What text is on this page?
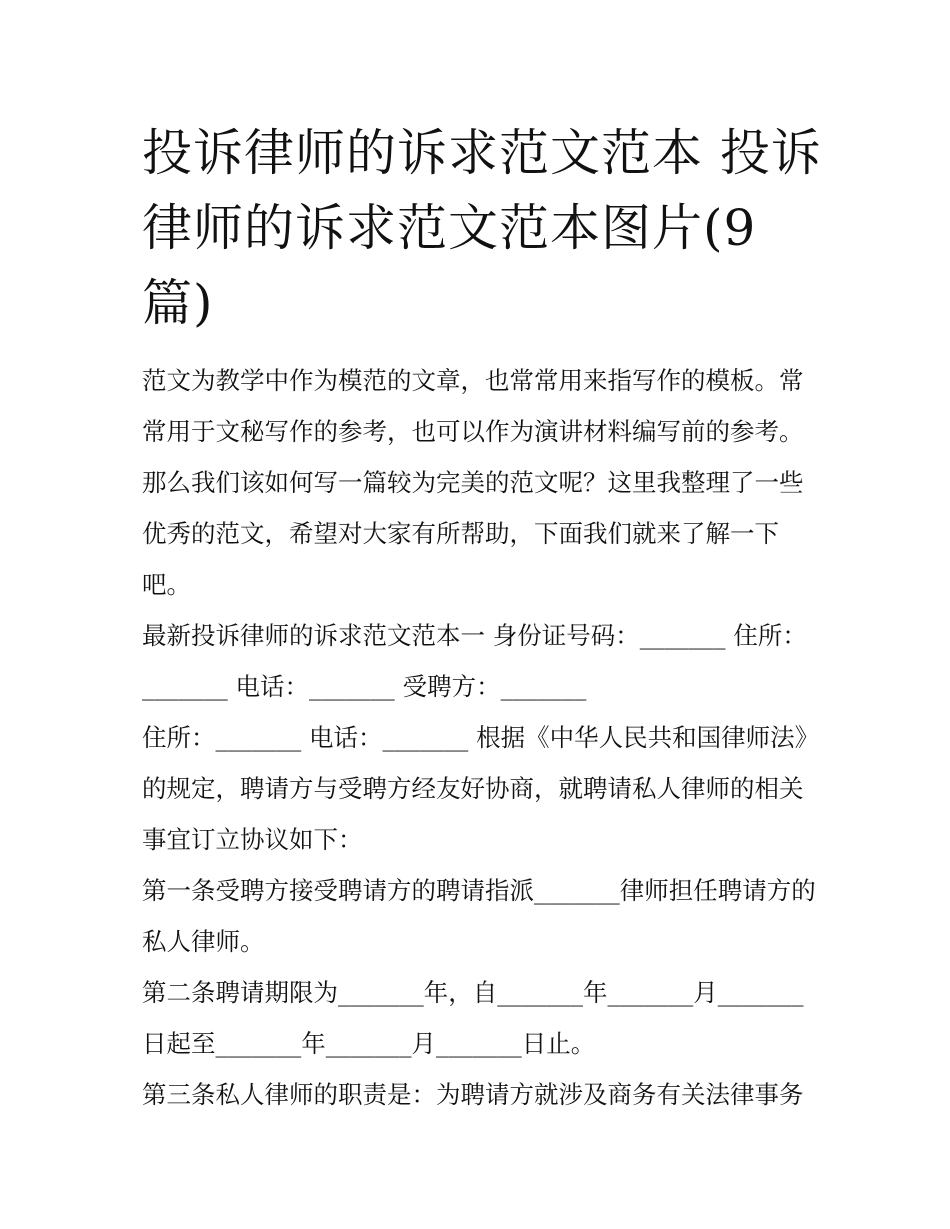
投诉律师的诉求范文范本 投诉律师的诉求范文范本图片(9篇)

范文为教学中作为模范的文章，也常常用来指写作的模板。常常用于文秘写作的参考，也可以作为演讲材料编写前的参考。那么我们该如何写一篇较为完美的范文呢？这里我整理了一些优秀的范文，希望对大家有所帮助，下面我们就来了解一下吧。

最新投诉律师的诉求范文范本一 身份证号码：_______ 住所：_______ 电话：_______ 受聘方：_______

住所：_______ 电话：_______ 根据《中华人民共和国律师法》的规定，聘请方与受聘方经友好协商，就聘请私人律师的相关事宜订立协议如下：

第一条受聘方接受聘请方的聘请指派_______律师担任聘请方的私人律师。

第二条聘请期限为_______年，自_______年_______月_______日起至_______年_______月_______日止。

第三条私人律师的职责是：为聘请方就涉及商务有关法律事务
